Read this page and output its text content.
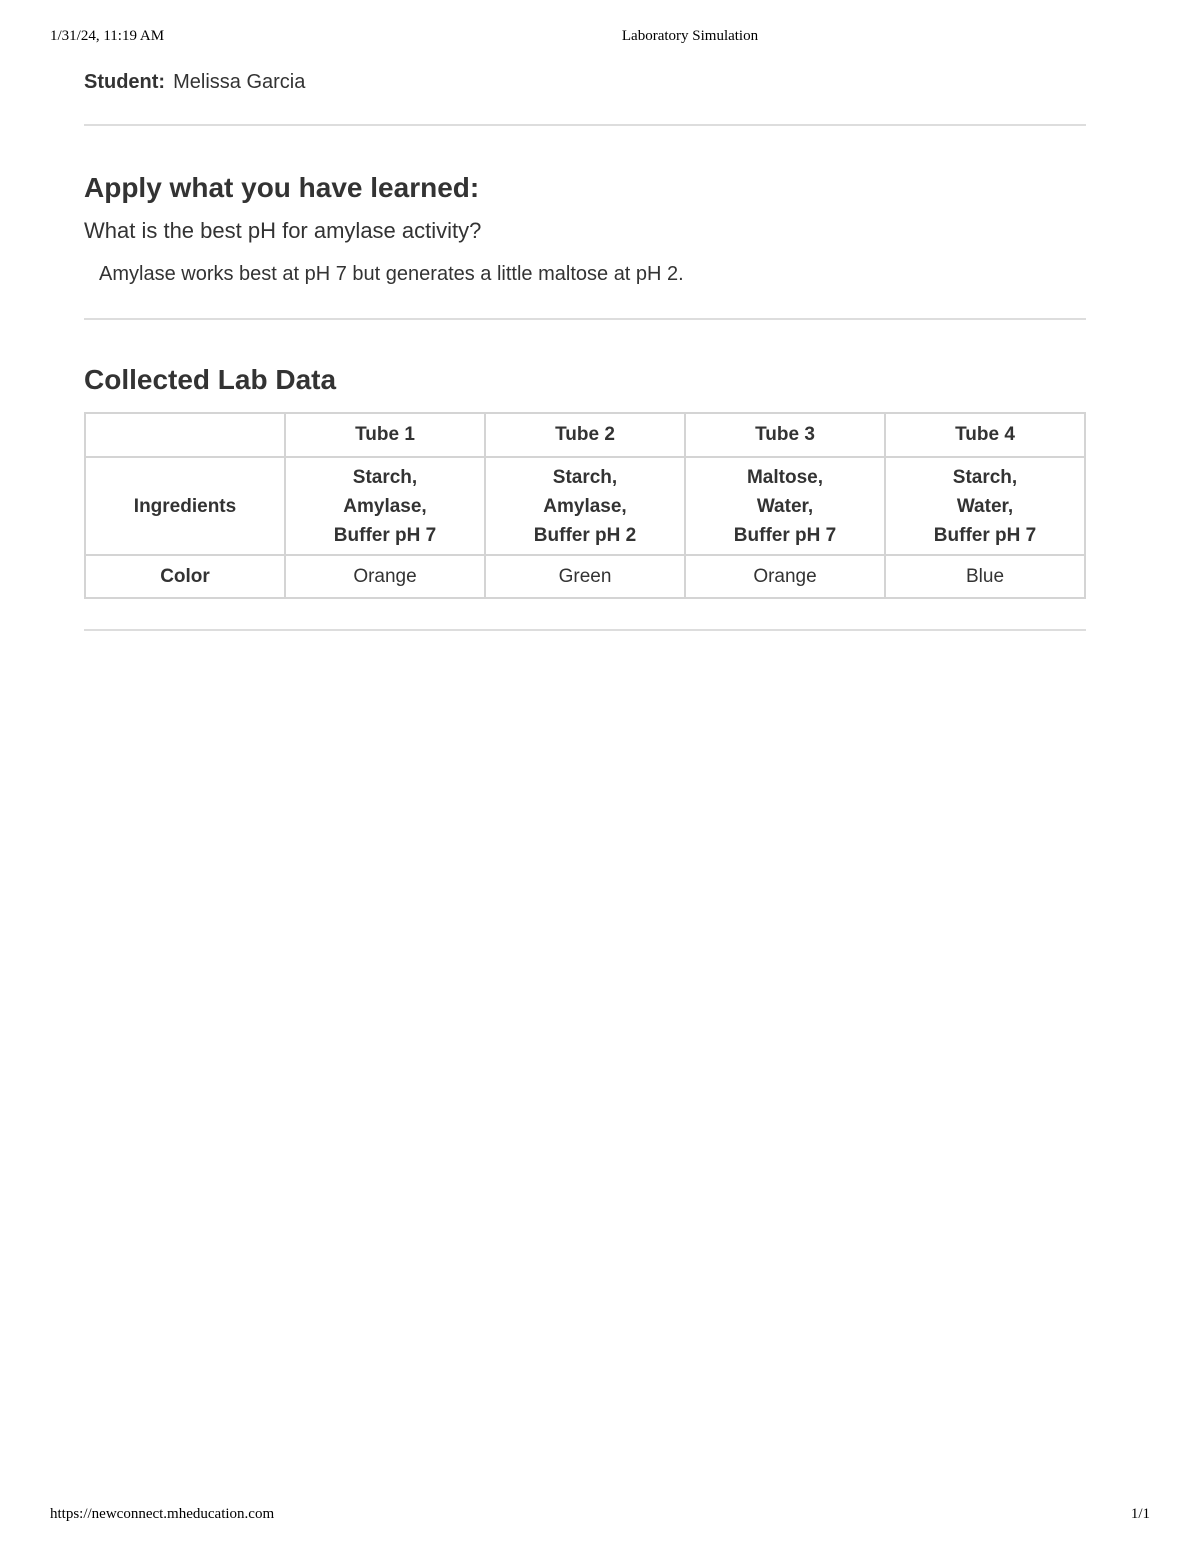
1/31/24, 11:19 AM	Laboratory Simulation
Student: Melissa Garcia
Apply what you have learned:
What is the best pH for amylase activity?
Amylase works best at pH 7 but generates a little maltose at pH 2.
Collected Lab Data
	Tube 1	Tube 2	Tube 3	Tube 4
Ingredients	Starch,
Amylase,
Buffer pH 7	Starch,
Amylase,
Buffer pH 2	Maltose,
Water,
Buffer pH 7	Starch,
Water,
Buffer pH 7

Color	Orange	Green	Orange	Blue
https://newconnect.mheducation.com	1/1
